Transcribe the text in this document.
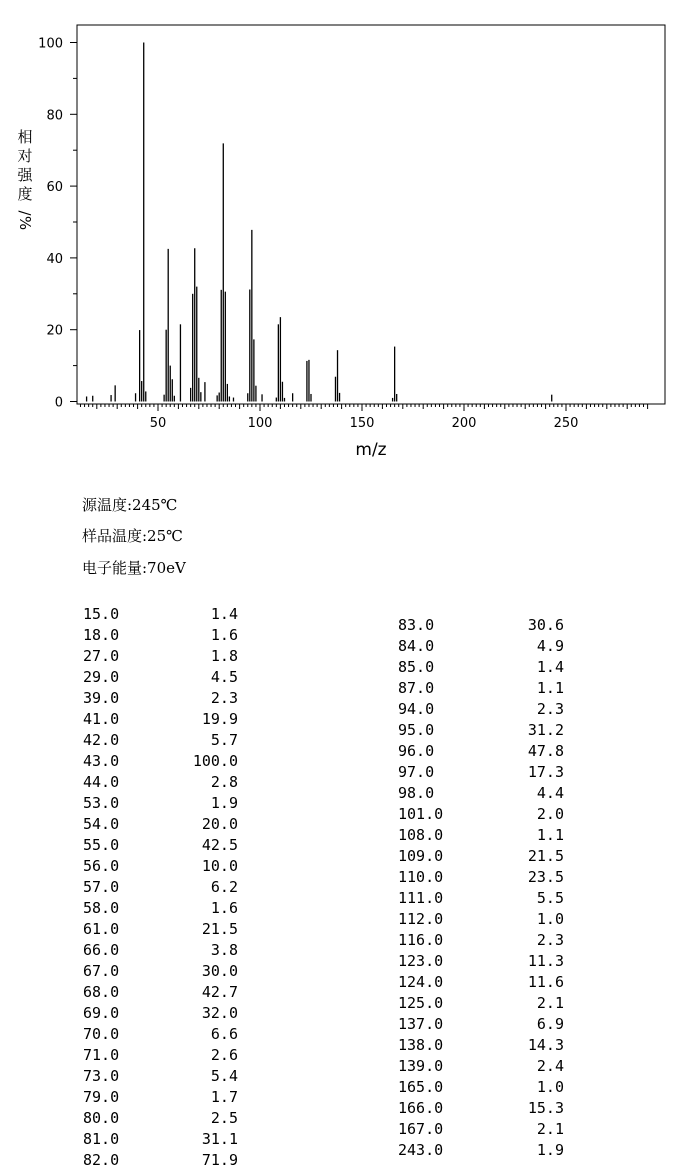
0
20
40
60
80
100
50	100	150	200	250
m/z
相
对
强
度
/
%
源温度:245℃
样品温度:25℃
电子能量:70eV
15.0	1.4
18.0	1.6
27.0	1.8
29.0	4.5
39.0	2.3
41.0	19.9
42.0	5.7
43.0	100.0
44.0	2.8
53.0	1.9
54.0	20.0
55.0	42.5
56.0	10.0
57.0	6.2
58.0	1.6
61.0	21.5
66.0	3.8
67.0	30.0
68.0	42.7
69.0	32.0
70.0	6.6
71.0	2.6
73.0	5.4
79.0	1.7
80.0	2.5
81.0	31.1
82.0	71.9
83.0	30.6
84.0	4.9
85.0	1.4
87.0	1.1
94.0	2.3
95.0	31.2
96.0	47.8
97.0	17.3
98.0	4.4
101.0	2.0
108.0	1.1
109.0	21.5
110.0	23.5
111.0	5.5
112.0	1.0
116.0	2.3
123.0	11.3
124.0	11.6
125.0	2.1
137.0	6.9
138.0	14.3
139.0	2.4
165.0	1.0
166.0	15.3
167.0	2.1
243.0	1.9
